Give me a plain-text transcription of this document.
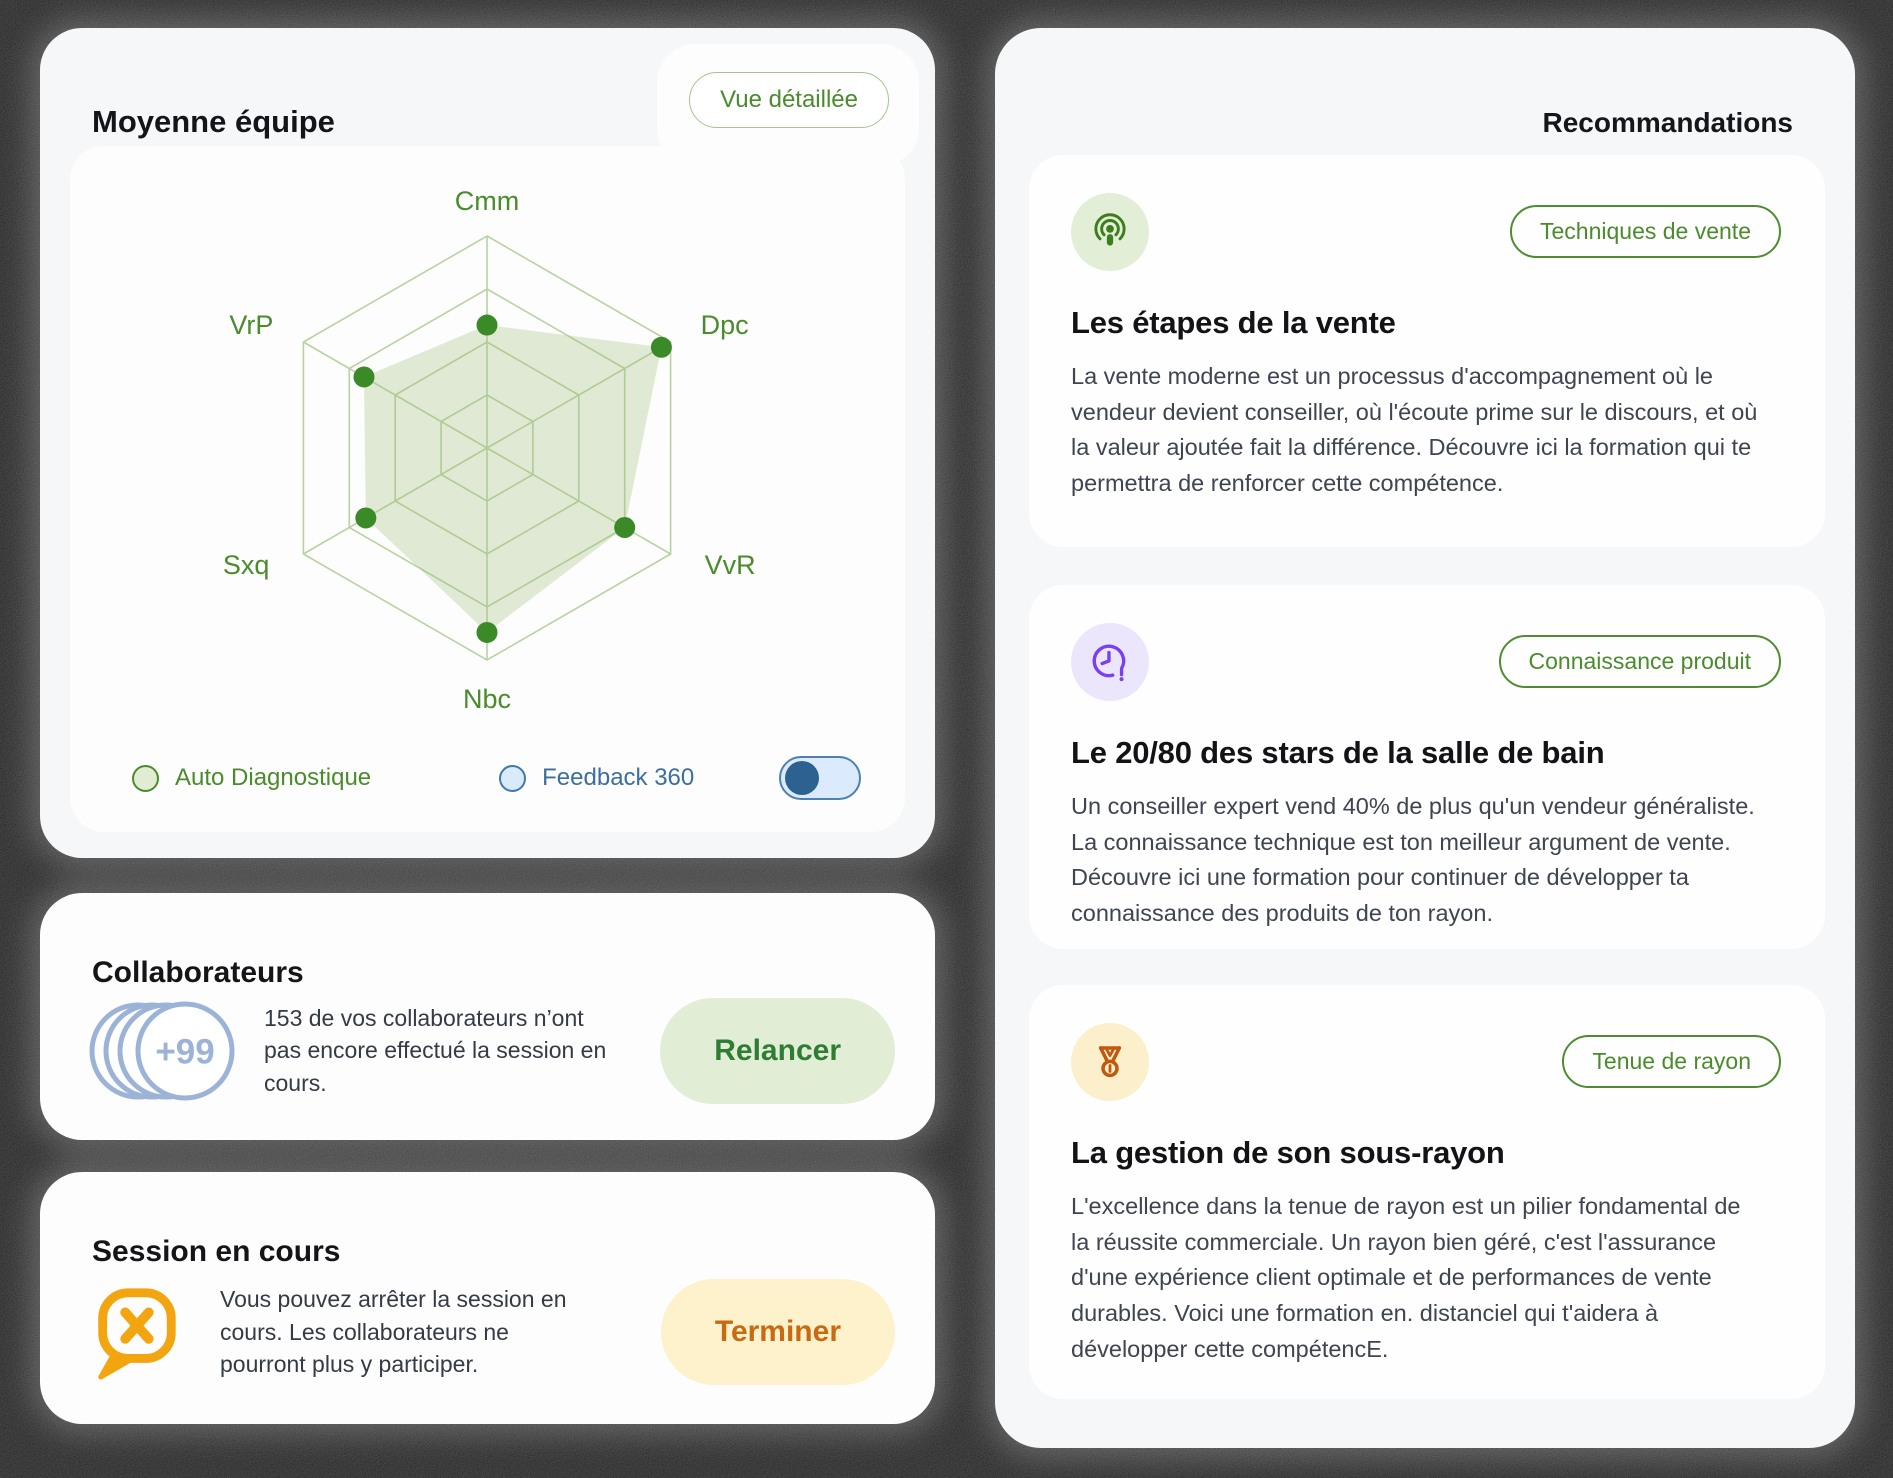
Moyenne équipe
Vue détaillée
Cmm
Dpc
VvR
Nbc
Sxq
VrP
Auto Diagnostique	Feedback 360
Collaborateurs
+99

153 de vos collaborateurs n’ont pas encore effectué la session en cours.

Relancer
Session en cours

Vous pouvez arrêter la session en cours. Les collaborateurs ne pourront plus y participer.

Terminer
Recommandations
Techniques de vente
Les étapes de la vente

La vente moderne est un processus d'accompagnement où le vendeur devient conseiller, où l'écoute prime sur le discours, et où la valeur ajoutée fait la différence. Découvre ici la formation qui te permettra de renforcer cette compétence.

Connaissance produit
Le 20/80 des stars de la salle de bain

Un conseiller expert vend 40% de plus qu'un vendeur généraliste. La connaissance technique est ton meilleur argument de vente. Découvre ici une formation pour continuer de développer ta connaissance des produits de ton rayon.

Tenue de rayon
La gestion de son sous-rayon

L'excellence dans la tenue de rayon est un pilier fondamental de la réussite commerciale. Un rayon bien géré, c'est l'assurance d'une expérience client optimale et de performances de vente durables. Voici une formation en. distanciel qui t'aidera à développer cette compétencE.
